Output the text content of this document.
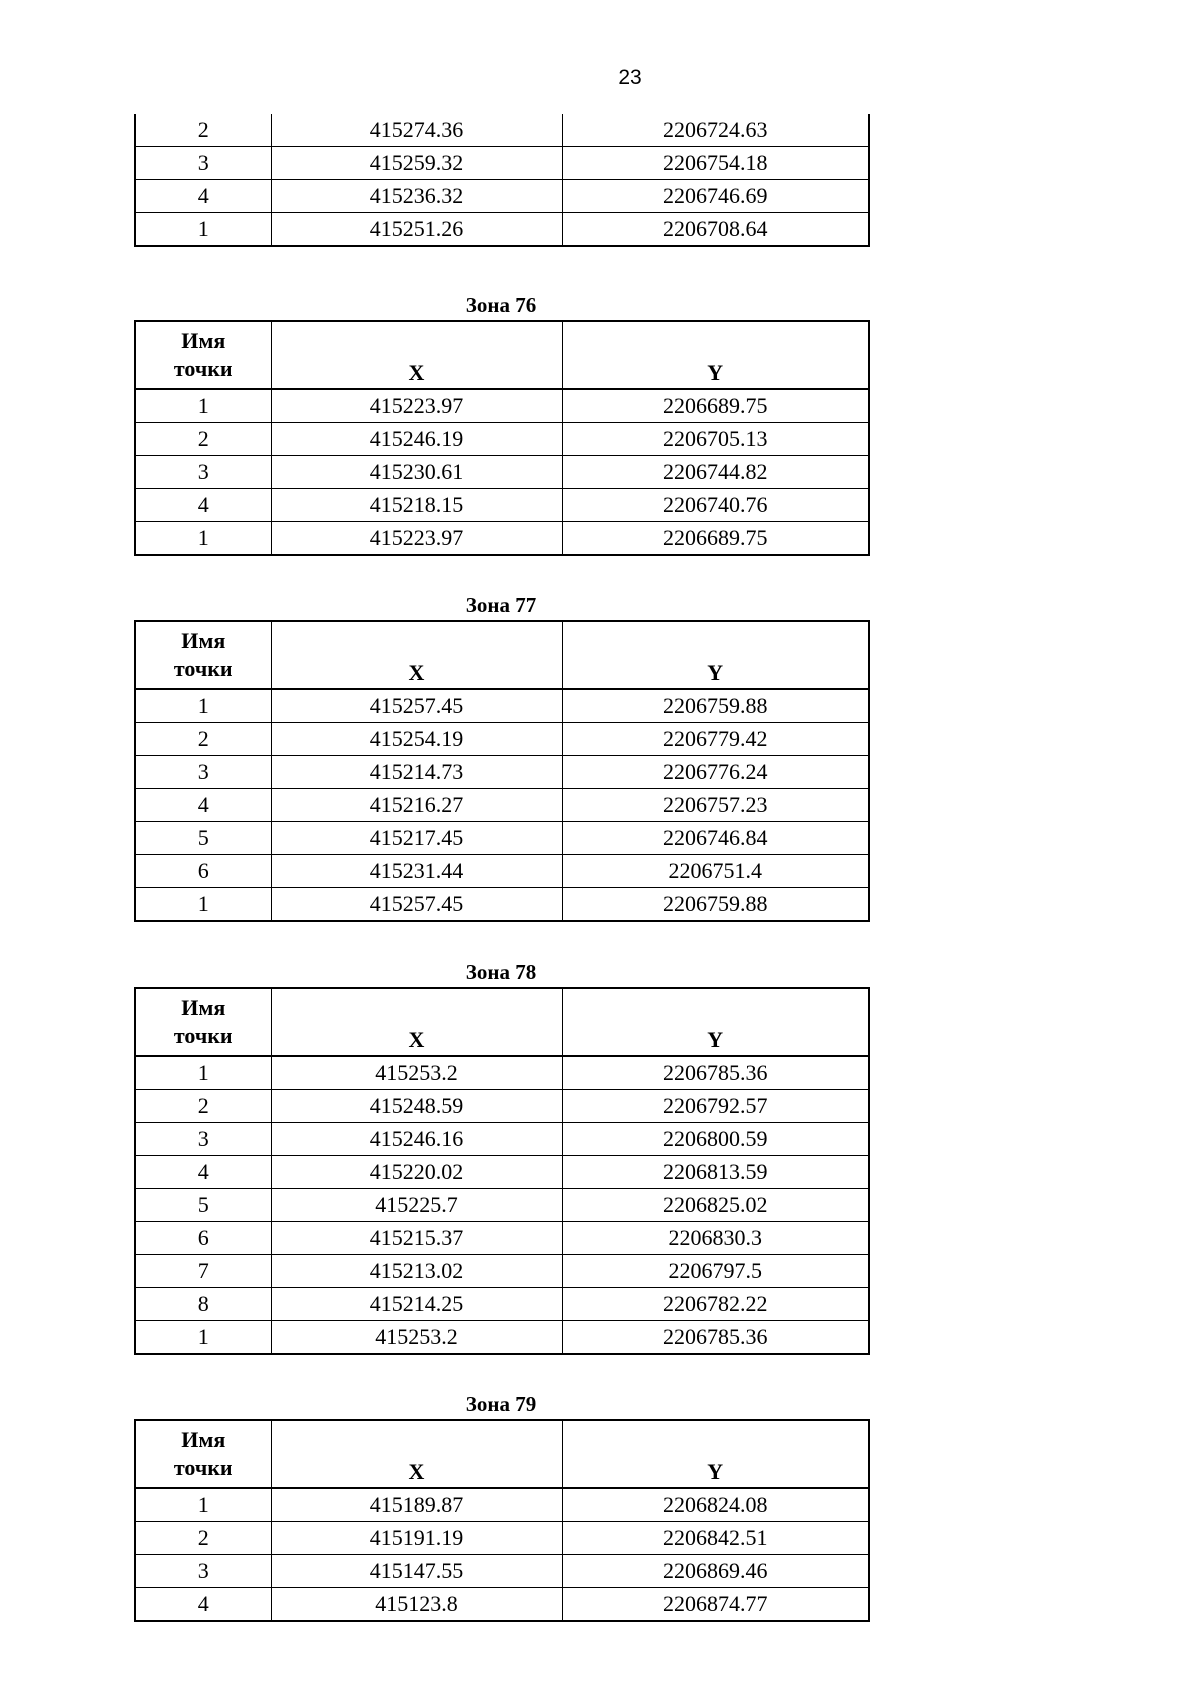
23
2	415274.36	2206724.63
3	415259.32	2206754.18
4	415236.32	2206746.69
1	415251.26	2206708.64
Зона 76
Имя
точки	X	Y
1	415223.97	2206689.75
2	415246.19	2206705.13
3	415230.61	2206744.82
4	415218.15	2206740.76
1	415223.97	2206689.75
Зона 77
Имя
точки	X	Y
1	415257.45	2206759.88
2	415254.19	2206779.42
3	415214.73	2206776.24
4	415216.27	2206757.23
5	415217.45	2206746.84
6	415231.44	2206751.4
1	415257.45	2206759.88
Зона 78
Имя
точки	X	Y
1	415253.2	2206785.36
2	415248.59	2206792.57
3	415246.16	2206800.59
4	415220.02	2206813.59
5	415225.7	2206825.02
6	415215.37	2206830.3
7	415213.02	2206797.5
8	415214.25	2206782.22
1	415253.2	2206785.36
Зона 79
Имя
точки	X	Y
1	415189.87	2206824.08
2	415191.19	2206842.51
3	415147.55	2206869.46
4	415123.8	2206874.77
